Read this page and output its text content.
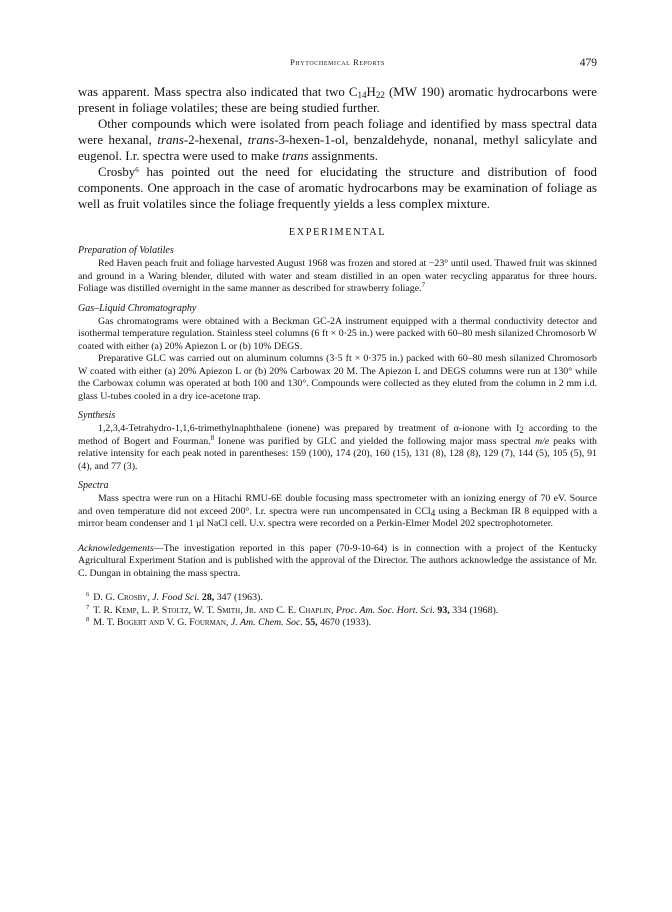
Phytochemical Reports	479

was apparent. Mass spectra also indicated that two $C_{14}H_{22}$ (MW 190) aromatic hydrocarbons were present in foliage volatiles; these are being studied further.

Other compounds which were isolated from peach foliage and identified by mass spectral data were hexanal, trans-2-hexenal, trans-3-hexen-1-ol, benzaldehyde, nonanal, methyl salicylate and eugenol. I.r. spectra were used to make trans assignments.

Crosby$^6$ has pointed out the need for elucidating the structure and distribution of food components. One approach in the case of aromatic hydrocarbons may be examination of foliage as well as fruit volatiles since the foliage frequently yields a less complex mixture.

EXPERIMENTAL
Preparation of Volatiles

Red Haven peach fruit and foliage harvested August 1968 was frozen and stored at −23° until used. Thawed fruit was skinned and ground in a Waring blender, diluted with water and steam distilled in an open water recycling apparatus for three hours. Foliage was distilled overnight in the same manner as described for strawberry foliage.$^7$

Gas–Liquid Chromatography

Gas chromatograms were obtained with a Beckman GC-2A instrument equipped with a thermal conductivity detector and isothermal temperature regulation. Stainless steel columns (6 ft × 0·25 in.) were packed with 60–80 mesh silanized Chromosorb W coated with either (a) 20% Apiezon L or (b) 10% DEGS.

Preparative GLC was carried out on aluminum columns (3·5 ft × 0·375 in.) packed with 60–80 mesh silanized Chromosorb W coated with either (a) 20% Apiezon L or (b) 20% Carbowax 20 M. The Apiezon L and DEGS columns were run at 130° while the Carbowax column was operated at both 100 and 130°. Compounds were collected as they eluted from the column in 2 mm i.d. glass U-tubes cooled in a dry ice-acetone trap.

Synthesis

1,2,3,4-Tetrahydro-1,1,6-trimethylnaphthalene (ionene) was prepared by treatment of α-ionone with $I_2$ according to the method of Bogert and Fourman.$^8$ Ionene was purified by GLC and yielded the following major mass spectral m/e peaks with relative intensity for each peak noted in parentheses: 159 (100), 174 (20), 160 (15), 131 (8), 128 (8), 129 (7), 144 (5), 105 (5), 91 (4), and 77 (3).

Spectra

Mass spectra were run on a Hitachi RMU-6E double focusing mass spectrometer with an ionizing energy of 70 eV. Source and oven temperature did not exceed 200°. I.r. spectra were run uncompensated in CCl$_4$ using a Beckman IR 8 equipped with a mirror beam condenser and 1 μl NaCl cell. U.v. spectra were recorded on a Perkin-Elmer Model 202 spectrophotometer.

Acknowledgements—The investigation reported in this paper (70-9-10-64) is in connection with a project of the Kentucky Agricultural Experiment Station and is published with the approval of the Director. The authors acknowledge the assistance of Mr. C. Dungan in obtaining the mass spectra.

$^6$ D. G. Crosby, J. Food Sci. 28, 347 (1963).

$^7$ T. R. Kemp, L. P. Stoltz, W. T. Smith, Jr. and C. E. Chaplin, Proc. Am. Soc. Hort. Sci. 93, 334 (1968).

$^8$ M. T. Bogert and V. G. Fourman, J. Am. Chem. Soc. 55, 4670 (1933).
